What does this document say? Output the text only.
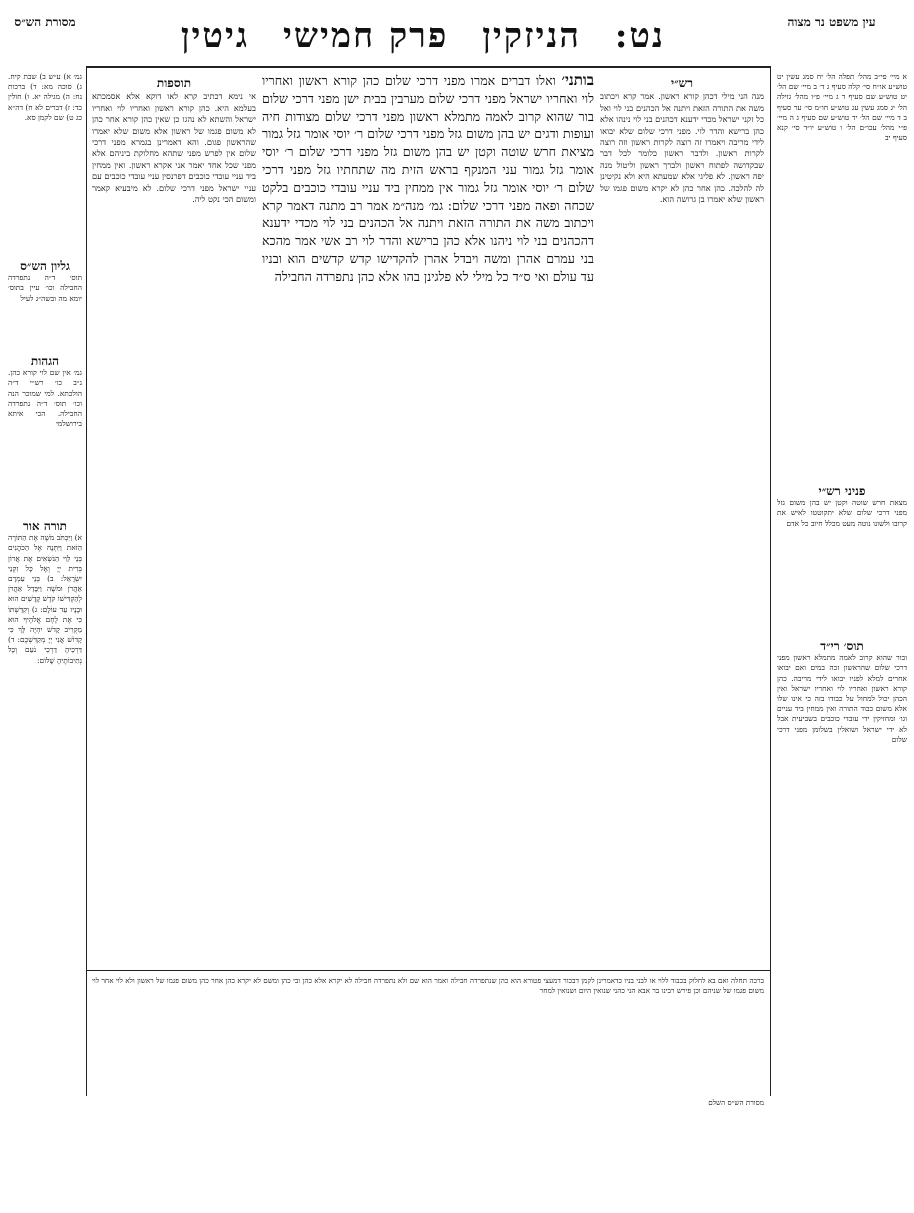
עין משפט נר מצוה
נט: הניזקין פרק חמישי גיטין
מסורת הש״ס
א מיי׳ פי״ב מהל׳ תפלה הל׳ יח סמג עשין יט טוש״ע או״ח סי׳ קלה סעיף ג ד׳ ב מיי׳ שם הל׳ יט טוש״ע שם סעיף ד ג מיי׳ פ״ו מהל׳ גזילה הל׳ יג סמג עשין עג טוש״ע חו״מ סי׳ ער סעיף ב ד מיי׳ שם הל׳ יד טוש״ע שם סעיף ג ה מיי׳ פ״י מהל׳ עכו״ם הל׳ ו טוש״ע יו״ד סי׳ קנא סעיף יב
פניני רש״י
מצאת חרש שוטה וקטן יש בהן משום גזל מפני דרכי שלום שלא יתקוטטו לאיש את קרובו ולשונו נוטה מעט מכלל חיוב כל אדם
תוס׳ רי״ד
ובור שהוא קרוב לאמה מתמלא ראשון מפני דרכי שלום שהראשון זכה במים ואם יבואו אחרים למלא לפניו יבואו לידי מריבה. כהן קורא ראשון ואחריו לוי ואחריו ישראל ואין הכהן יכול למחול על כבודו בזה כי אינו שלו אלא משום כבוד התורה ואין ממחין ביד עניים וגו׳ ומחזיקין ידי עובדי כוכבים בשביעית אבל לא ידי ישראל ושואלין בשלומן מפני דרכי שלום
גמ׳ א) ע״ש ב) שבת קיח. ג) סוכה מא: ד) ברכות נח: ה) מגילה יא. ו) חולין כד: ז) דברים לא ח) דה״א כג ט) שם לקמן סא.
גליון הש״ס
תוס׳ ד״ה נתפרדה החבילה וכו׳ עיין בתוס׳ יומא מה ובשה״ג לעיל
הגהות
גמ׳ אין שם לוי קורא כהן. נ״ב כו׳ רש״י ד״ה הולכתא. למי שמוכר הנה וכו׳ תוס׳ ד״ה נתפרדה החבילה. הכי איתא בירושלמי
תורה אור
א) וַיִּכְתֹּב מֹשֶׁה אֶת הַתּוֹרָה הַזֹּאת וַיִּתְּנָהּ אֶל הַכֹּהֲנִים בְּנֵי לֵוִי הַנֹּשְׂאִים אֶת אֲרוֹן בְּרִית יְיָ וְאֶל כָּל זִקְנֵי יִשְׂרָאֵל: ב) בְּנֵי עַמְרָם אַהֲרֹן וּמֹשֶׁה וַיִּבָּדֵל אַהֲרֹן לְהַקְדִּישׁוֹ קֹדֶשׁ קָדָשִׁים הוּא וּבָנָיו עַד עוֹלָם: ג) וְקִדַּשְׁתּוֹ כִּי אֶת לֶחֶם אֱלֹהֶיךָ הוּא מַקְרִיב קָדֹשׁ יִהְיֶה לָּךְ כִּי קָדוֹשׁ אֲנִי יְיָ מְקַדִּשְׁכֶם: ד) דַּרְכֵיהָ דַרְכֵי נֹעַם וְכָל נְתִיבוֹתֶיהָ שָׁלוֹם:
רש״י
מנה הני מילי דכהן קורא ראשון. אמר קרא ויכתוב משה את התורה הזאת ויתנה אל הכהנים בני לוי ואל כל זקני ישראל מכדי ידענא דכהנים בני לוי נינהו אלא כהן ברישא והדר לוי. מפני דרכי שלום שלא יבואו לידי מריבה ויאמרו זה רוצה לקרות ראשון וזה רוצה לקרות ראשון. ולדבר ראשון כלומר לכל דבר שבקדושה לפתוח ראשון ולברך ראשון וליטול מנה יפה ראשון. לא פליגי אלא שמעתא היא ולא נקיטינן לה להלכה. כהן אחר כהן לא יקרא משום פגמו של ראשון שלא יאמרו בן גרושה הוא.
תוספות
אי נימא דכתיב קרא לאו דוקא אלא אסמכתא בעלמא היא. כהן קורא ראשון ואחריו לוי ואחריו ישראל והשתא לא נהגו כן שאין כהן קורא אחר כהן לא משום פגמו של ראשון אלא משום שלא יאמרו שהראשון פגום. והא דאמרינן בגמרא מפני דרכי שלום אין לפרש מפני שתהא מחלוקת ביניהם אלא מפני שכל אחד יאמר אני אקרא ראשון. ואין ממחין ביד עניי עובדי כוכבים דפרנסין עניי עובדי כוכבים עם עניי ישראל מפני דרכי שלום. לא מיבעיא קאמר ומשום הכי נקט ליה.
בותני׳ ואלו דברים אמרו מפני דרכי שלום כהן קורא ראשון ואחריו לוי ואחריו ישראל מפני דרכי שלום מערבין בבית ישן מפני דרכי שלום בור שהוא קרוב לאמה מתמלא ראשון מפני דרכי שלום מצודות חיה ועופות ודגים יש בהן משום גזל מפני דרכי שלום ר׳ יוסי אומר גזל גמור מציאת חרש שוטה וקטן יש בהן משום גזל מפני דרכי שלום ר׳ יוסי אומר גזל גמור עני המנקף בראש הזית מה שתחתיו גזל מפני דרכי שלום ר׳ יוסי אומר גזל גמור אין ממחין ביד עניי עובדי כוכבים בלקט שכחה ופאה מפני דרכי שלום: גמ׳ מנה״מ אמר רב מתנה דאמר קרא ויכתוב משה את התורה הזאת ויתנה אל הכהנים בני לוי מכדי ידענא דהכהנים בני לוי ניהנו אלא כהן ברישא והדר לוי רב אשי אמר מהכא בני עמרם אהרן ומשה ויבדל אהרן להקדישו קדש קדשים הוא ובניו עד עולם ואי ס״ד כל מילי לא פלגינן בהו אלא כהן נתפרדה החבילה
ברכה תחלה ואם בא לחלוק בכבוד ללוי או לבני בניו כדאמרינן לקמן דבכור דמעצי פטורא הוא כהן שנתפרדה חבילה ואמר הוא שם ולא נתפרדה חבילה לא יקרא אלא כהן ובי כהן ומשם לא יקרא כהן אחר כהן משום פגמו של ראשון ולא לוי אחר לוי משום פגמו של שניהם וכן פירש רבינו בר אבא הני כהני שנואין היום ושנואין למחר
מסורת הש״ס השלם
